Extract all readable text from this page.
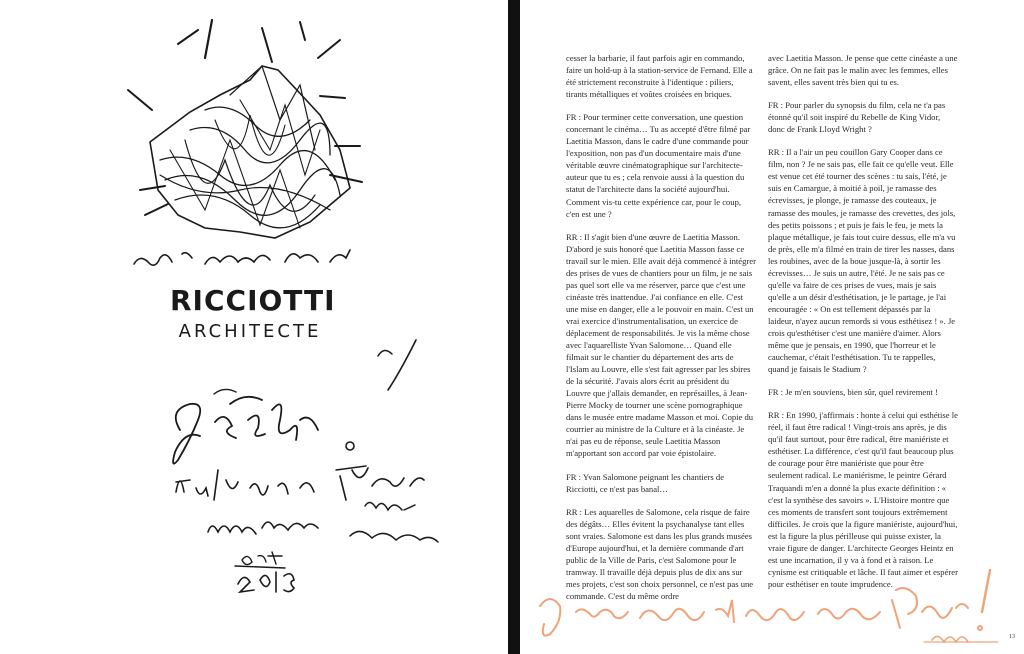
RICCIOTTI
ARCHITECTE

cesser la barbarie, il faut parfois agir en commando, faire un hold-up à la station-service de Fernand. Elle a été strictement reconstruite à l'identique : piliers, tirants métalliques et voûtes croisées en briques.

FR : Pour terminer cette conversation, une question concernant le cinéma… Tu as accepté d'être filmé par Laetitia Masson, dans le cadre d'une commande pour l'exposition, non pas d'un documentaire mais d'une véritable œuvre cinématographique sur l'architecte-auteur que tu es ; cela renvoie aussi à la question du statut de l'architecte dans la société aujourd'hui. Comment vis-tu cette expérience car, pour le coup, c'en est une ?

RR : Il s'agit bien d'une œuvre de Laetitia Masson. D'abord je suis honoré que Laetitia Masson fasse ce travail sur le mien. Elle avait déjà commencé à intégrer des prises de vues de chantiers pour un film, je ne sais pas quel sort elle va me réserver, parce que c'est une cinéaste très inattendue. J'ai confiance en elle. C'est une mise en danger, elle a le pouvoir en main. C'est un vrai exercice d'instrumentalisation, un exercice de déplacement de responsabilités. Je vis la même chose avec l'aquarelliste Yvan Salomone… Quand elle filmait sur le chantier du département des arts de l'Islam au Louvre, elle s'est fait agresser par les sbires de la sécurité. J'avais alors écrit au président du Louvre que j'allais demander, en représailles, à Jean-Pierre Mocky de tourner une scène pornographique dans le musée entre madame Masson et moi. Copie du courrier au ministre de la Culture et à la cinéaste. Je n'ai pas eu de réponse, seule Laetitia Masson m'apportant son accord par voie épistolaire.

FR : Yvan Salomone peignant les chantiers de Ricciotti, ce n'est pas banal…

RR : Les aquarelles de Salomone, cela risque de faire des dégâts… Elles évitent la psychanalyse tant elles sont vraies. Salomone est dans les plus grands musées d'Europe aujourd'hui, et la dernière commande d'art public de la Ville de Paris, c'est Salomone pour le tramway. Il travaille déjà depuis plus de dix ans sur mes projets, c'est son choix personnel, ce n'est pas une commande. C'est du même ordre

avec Laetitia Masson. Je pense que cette cinéaste a une grâce. On ne fait pas le malin avec les femmes, elles savent, elles savent très bien qui tu es.

FR : Pour parler du synopsis du film, cela ne t'a pas étonné qu'il soit inspiré du Rebelle de King Vidor, donc de Frank Lloyd Wright ?

RR : Il a l'air un peu couillon Gary Cooper dans ce film, non ? Je ne sais pas, elle fait ce qu'elle veut. Elle est venue cet été tourner des scènes : tu sais, l'été, je suis en Camargue, à moitié à poil, je ramasse des écrevisses, je plonge, je ramasse des couteaux, je ramasse des moules, je ramasse des crevettes, des jols, des petits poissons ; et puis je fais le feu, je mets la plaque métallique, je fais tout cuire dessus, elle m'a vu de près, elle m'a filmé en train de tirer les nasses, dans les roubines, avec de la boue jusque-là, à sortir les écrevisses… Je suis un autre, l'été. Je ne sais pas ce qu'elle va faire de ces prises de vues, mais je sais qu'elle a un désir d'esthétisation, je le partage, je l'ai encouragée : « On est tellement dépassés par la laideur, n'ayez aucun remords si vous esthétisez ! ». Je crois qu'esthétiser c'est une manière d'aimer. Alors même que je pensais, en 1990, que l'horreur et le cauchemar, c'était l'esthétisation. Tu te rappelles, quand je faisais le Stadium ?

FR : Je m'en souviens, bien sûr, quel revirement !

RR : En 1990, j'affirmais : honte à celui qui esthétise le réel, il faut être radical ! Vingt-trois ans après, je dis qu'il faut surtout, pour être radical, être maniériste et esthétiser. La différence, c'est qu'il faut beaucoup plus de courage pour être maniériste que pour être seulement radical. Le maniérisme, le peintre Gérard Traquandi m'en a donné la plus exacte définition : « c'est la synthèse des savoirs ». L'Histoire montre que ces moments de transfert sont toujours extrêmement difficiles. Je crois que la figure maniériste, aujourd'hui, est la figure la plus périlleuse qui puisse exister, la vraie figure de danger. L'architecte Georges Heintz en est une incarnation, il y va à fond et à raison. Le cynisme est critiquable et lâche. Il faut aimer et espérer pour esthétiser en toute imprudence.

13
